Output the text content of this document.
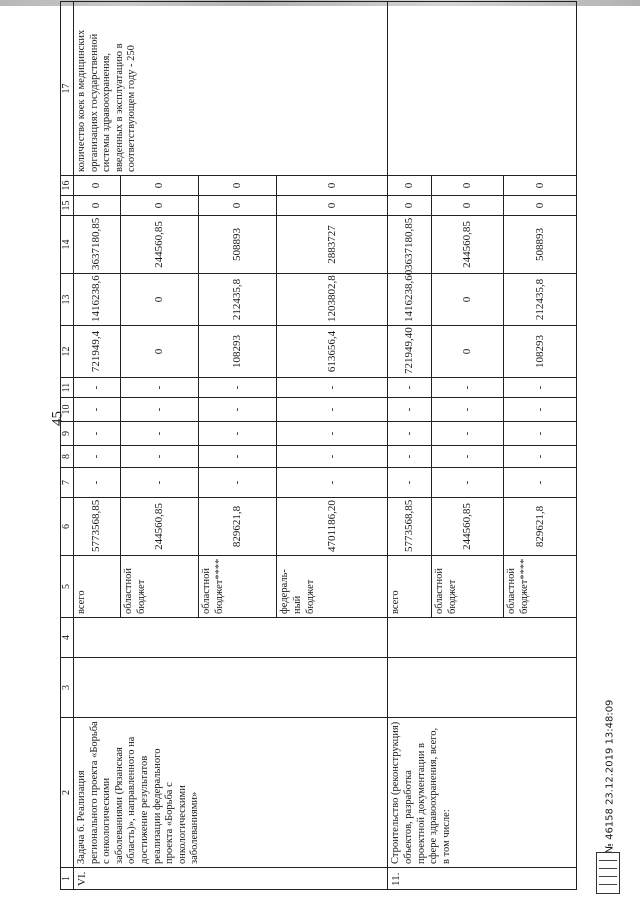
45
1	2	3	4	5	6	7	8	9	10	11	12	13	14	15	16	17
VI.	Задача 6. Реализация регионального проекта «Борьба с онкологическими заболеваниями (Рязанская область)», направленного на достижение результатов реализации федерального проекта «Борьба с онкологическими заболеваниями»			всего	5773568,85	-	-	-	-	-	721949,4	1416238,6	3637180,85	0	0	количество коек в медицинских организациях государственной системы здравоохранения, введенных в эксплуатацию в соответствующем году - 250
				областной бюджет	244560,85	-	-	-	-	-	0	0	244560,85	0	0	
				областной бюджет****	829621,8	-	-	-	-	-	108293	212435,8	508893	0	0	
				федераль-ный бюджет	4701186,20	-	-	-	-	-	613656,4	1203802,8	2883727	0	0	
11.	Строительство (реконструкция) объектов, разработка проектной документации в сфере здравоохранения, всего, в том числе:			всего	5773568,85	-	-	-	-	-	721949,40	1416238,60	3637180,85	0	0	
				областной бюджет	244560,85	-	-	-	-	-	0	0	244560,85	0	0	
				областной бюджет****	829621,8	-	-	-	-	-	108293	212435,8	508893	0	0	
№ 46158 23.12.2019 13:48:09
